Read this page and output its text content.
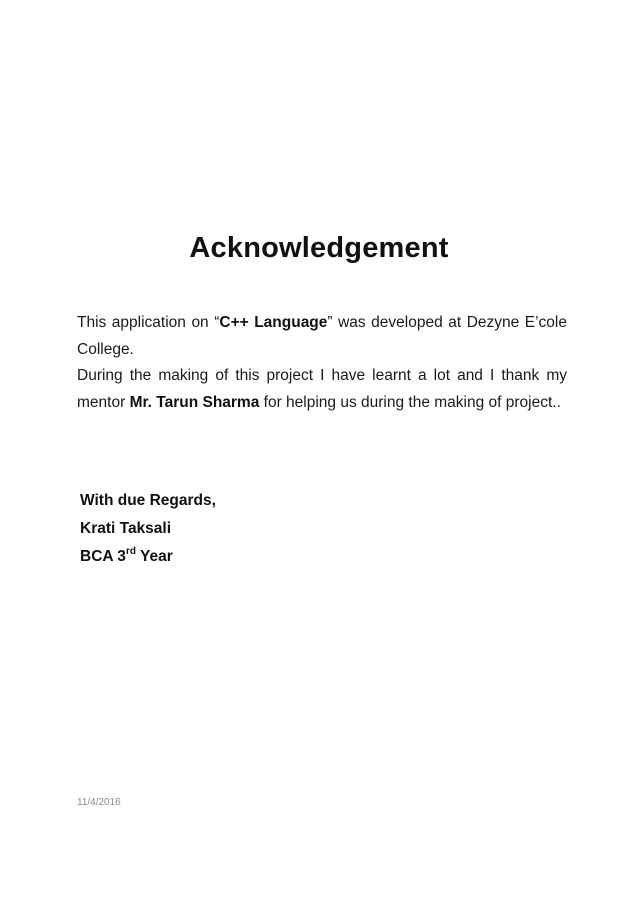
Acknowledgement
This application on “C++ Language” was developed at Dezyne E’cole College.
During the making of this project I have learnt a lot and I thank my mentor Mr. Tarun Sharma for helping us during the making of project..
With due Regards,
Krati Taksali
BCA 3rd Year
11/4/2016
